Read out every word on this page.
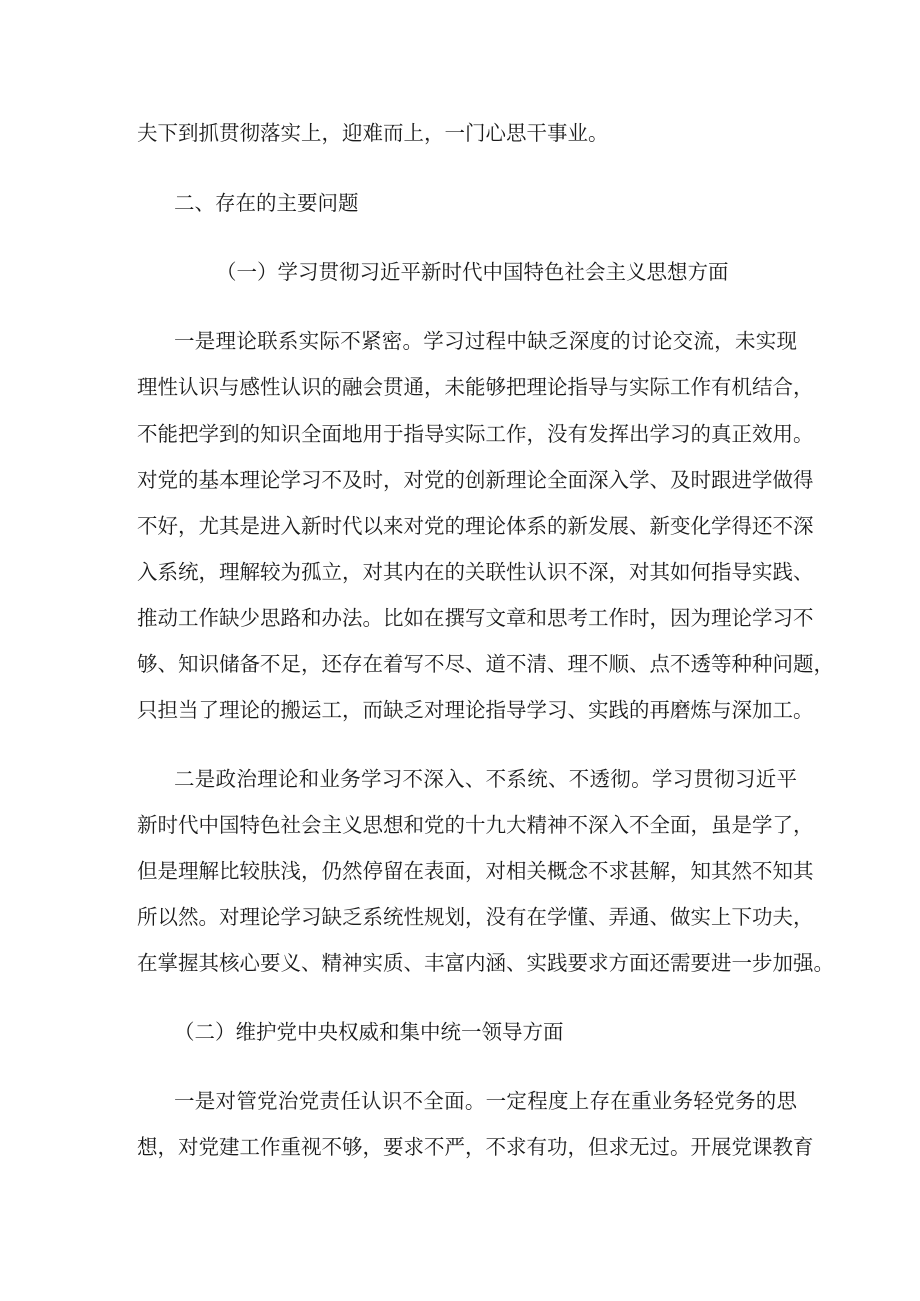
夫下到抓贯彻落实上，迎难而上，一门心思干事业。
二、存在的主要问题
（一）学习贯彻习近平新时代中国特色社会主义思想方面
一是理论联系实际不紧密。学习过程中缺乏深度的讨论交流，未实现
理性认识与感性认识的融会贯通，未能够把理论指导与实际工作有机结合，
不能把学到的知识全面地用于指导实际工作，没有发挥出学习的真正效用。
对党的基本理论学习不及时，对党的创新理论全面深入学、及时跟进学做得
不好，尤其是进入新时代以来对党的理论体系的新发展、新变化学得还不深
入系统，理解较为孤立，对其内在的关联性认识不深，对其如何指导实践、
推动工作缺少思路和办法。比如在撰写文章和思考工作时，因为理论学习不
够、知识储备不足，还存在着写不尽、道不清、理不顺、点不透等种种问题，
只担当了理论的搬运工，而缺乏对理论指导学习、实践的再磨炼与深加工。
二是政治理论和业务学习不深入、不系统、不透彻。学习贯彻习近平
新时代中国特色社会主义思想和党的十九大精神不深入不全面，虽是学了，
但是理解比较肤浅，仍然停留在表面，对相关概念不求甚解，知其然不知其
所以然。对理论学习缺乏系统性规划，没有在学懂、弄通、做实上下功夫，
在掌握其核心要义、精神实质、丰富内涵、实践要求方面还需要进一步加强。
（二）维护党中央权威和集中统一领导方面
一是对管党治党责任认识不全面。一定程度上存在重业务轻党务的思
想，对党建工作重视不够，要求不严，不求有功，但求无过。开展党课教育
